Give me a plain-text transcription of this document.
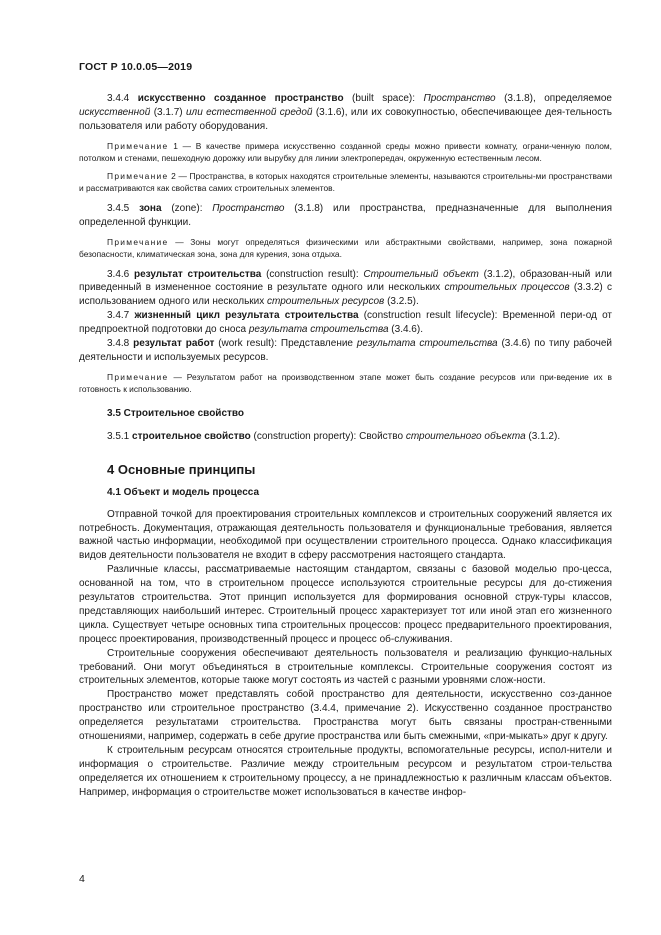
ГОСТ Р 10.0.05—2019

3.4.4 искусственно созданное пространство (built space): Пространство (3.1.8), определяемое искусственной (3.1.7) или естественной средой (3.1.6), или их совокупностью, обеспечивающее дея-тельность пользователя или работу оборудования.

Примечание 1 — В качестве примера искусственно созданной среды можно привести комнату, ограни-ченную полом, потолком и стенами, пешеходную дорожку или вырубку для линии электропередач, окруженную естественным лесом.

Примечание 2 — Пространства, в которых находятся строительные элементы, называются строительны-ми пространствами и рассматриваются как свойства самих строительных элементов.

3.4.5 зона (zone): Пространство (3.1.8) или пространства, предназначенные для выполнения определенной функции.

Примечание — Зоны могут определяться физическими или абстрактными свойствами, например, зона пожарной безопасности, климатическая зона, зона для курения, зона отдыха.

3.4.6 результат строительства (construction result): Строительный объект (3.1.2), образован-ный или приведенный в измененное состояние в результате одного или нескольких строительных процессов (3.3.2) с использованием одного или нескольких строительных ресурсов (3.2.5).

3.4.7 жизненный цикл результата строительства (construction result lifecycle): Временной пери-од от предпроектной подготовки до сноса результата строительства (3.4.6).

3.4.8 результат работ (work result): Представление результата строительства (3.4.6) по типу рабочей деятельности и используемых ресурсов.

Примечание — Результатом работ на производственном этапе может быть создание ресурсов или при-ведение их в готовность к использованию.

3.5 Строительное свойство

3.5.1 строительное свойство (construction property): Свойство строительного объекта (3.1.2).

4 Основные принципы

4.1 Объект и модель процесса

Отправной точкой для проектирования строительных комплексов и строительных сооружений является их потребность. Документация, отражающая деятельность пользователя и функциональные требования, является важной частью информации, необходимой при осуществлении строительного процесса. Однако классификация видов деятельности пользователя не входит в сферу рассмотрения настоящего стандарта.

Различные классы, рассматриваемые настоящим стандартом, связаны с базовой моделью про-цесса, основанной на том, что в строительном процессе используются строительные ресурсы для до-стижения результатов строительства. Этот принцип используется для формирования основной струк-туры классов, представляющих наибольший интерес. Строительный процесс характеризует тот или иной этап его жизненного цикла. Существует четыре основных типа строительных процессов: процесс предварительного проектирования, процесс проектирования, производственный процесс и процесс об-служивания.

Строительные сооружения обеспечивают деятельность пользователя и реализацию функцио-нальных требований. Они могут объединяться в строительные комплексы. Строительные сооружения состоят из строительных элементов, которые также могут состоять из частей с разными уровнями слож-ности.

Пространство может представлять собой пространство для деятельности, искусственно соз-данное пространство или строительное пространство (3.4.4, примечание 2). Искусственно созданное пространство определяется результатами строительства. Пространства могут быть связаны простран-ственными отношениями, например, содержать в себе другие пространства или быть смежными, «при-мыкать» друг к другу.

К строительным ресурсам относятся строительные продукты, вспомогательные ресурсы, испол-нители и информация о строительстве. Различие между строительным ресурсом и результатом строи-тельства определяется их отношением к строительному процессу, а не принадлежностью к различным классам объектов. Например, информация о строительстве может использоваться в качестве инфор-

4
